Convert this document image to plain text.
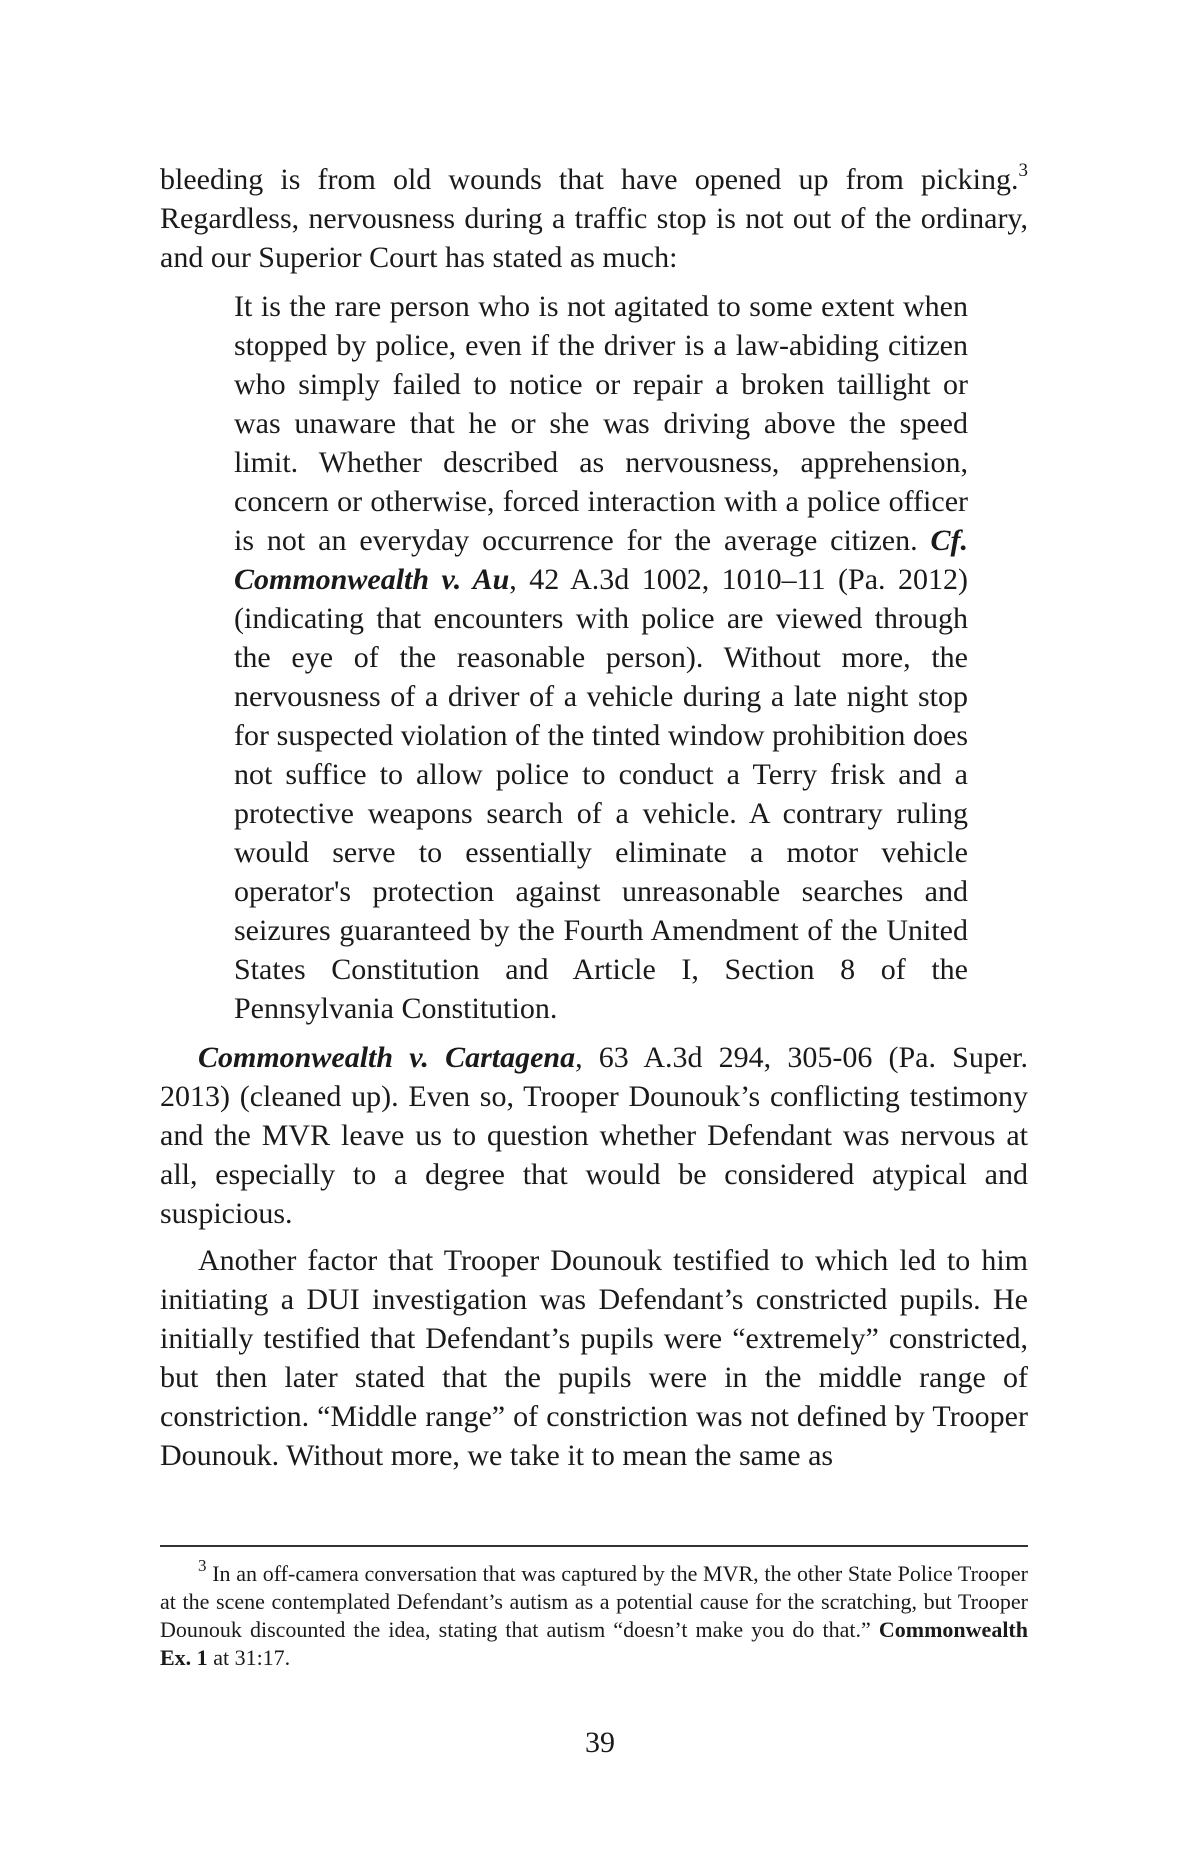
bleeding is from old wounds that have opened up from picking.$^3$ Regardless, nervousness during a traffic stop is not out of the ordinary, and our Superior Court has stated as much:

It is the rare person who is not agitated to some extent when stopped by police, even if the driver is a law-abiding citizen who simply failed to notice or repair a broken taillight or was unaware that he or she was driving above the speed limit. Whether described as nervousness, apprehension, concern or otherwise, forced interaction with a police officer is not an everyday occurrence for the average citizen. Cf. Commonwealth v. Au, 42 A.3d 1002, 1010–11 (Pa. 2012) (indicating that encounters with police are viewed through the eye of the reasonable person). Without more, the nervousness of a driver of a vehicle during a late night stop for suspected violation of the tinted window prohibition does not suffice to allow police to conduct a Terry frisk and a protective weapons search of a vehicle. A contrary ruling would serve to essentially eliminate a motor vehicle operator's protection against unreasonable searches and seizures guaranteed by the Fourth Amendment of the United States Constitution and Article I, Section 8 of the Pennsylvania Constitution.

Commonwealth v. Cartagena, 63 A.3d 294, 305-06 (Pa. Super. 2013) (cleaned up). Even so, Trooper Dounouk’s conflicting testimony and the MVR leave us to question whether Defendant was nervous at all, especially to a degree that would be considered atypical and suspicious.

Another factor that Trooper Dounouk testified to which led to him initiating a DUI investigation was Defendant’s constricted pupils. He initially testified that Defendant’s pupils were “extremely” constricted, but then later stated that the pupils were in the middle range of constriction. “Middle range” of constriction was not defined by Trooper Dounouk. Without more, we take it to mean the same as

$^3$ In an off-camera conversation that was captured by the MVR, the other State Police Trooper at the scene contemplated Defendant’s autism as a potential cause for the scratching, but Trooper Dounouk discounted the idea, stating that autism “doesn’t make you do that.” Commonwealth Ex. 1 at 31:17.

39
